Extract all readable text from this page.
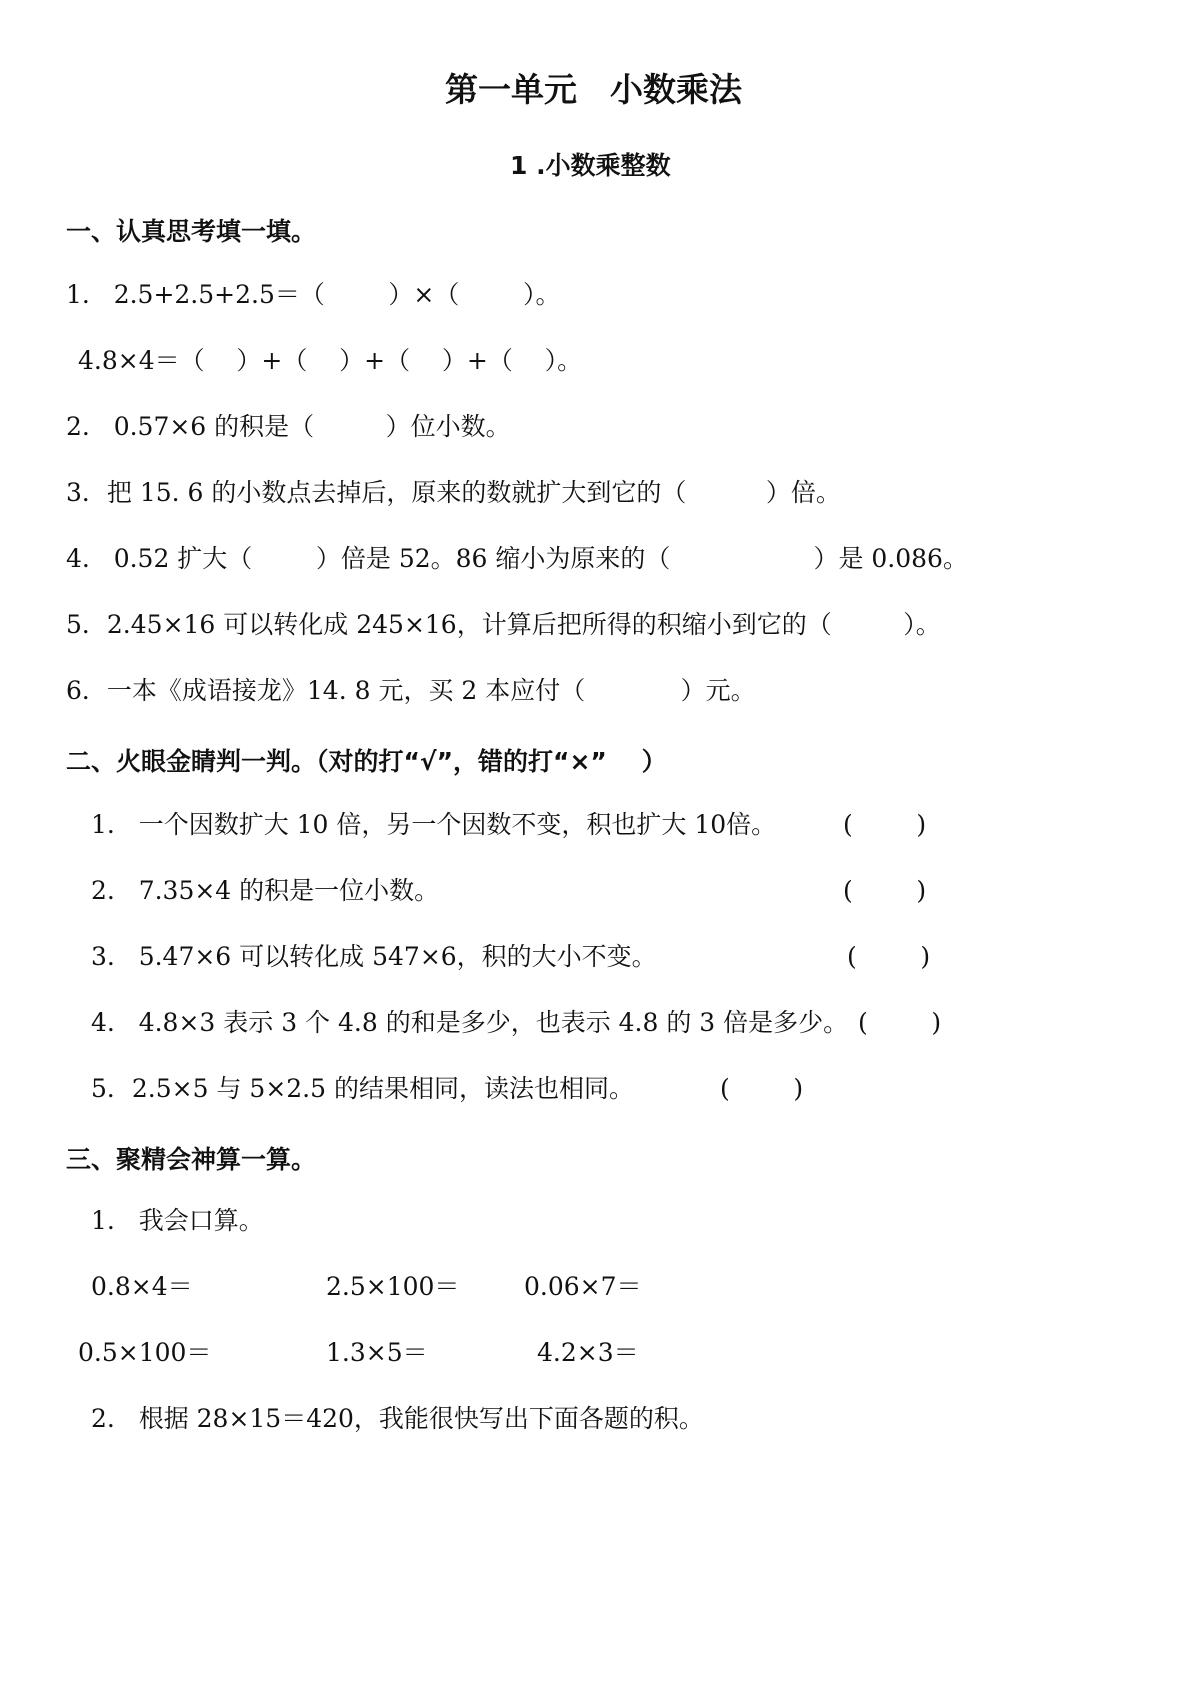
第一单元　小数乘法
1 .小数乘整数
一、认真思考填一填。
1.   2.5+2.5+2.5＝（        ）×（        ）。
4.8×4＝（    ）+（    ）+（    ）+（    ）。
2.   0.57×6 的积是（         ）位小数。
3．把 15. 6 的小数点去掉后，原来的数就扩大到它的（          ）倍。
4.   0.52 扩大（        ）倍是 52。86 缩小为原来的（                  ）是 0.086。
5．2.45×16 可以转化成 245×16，计算后把所得的积缩小到它的（         ）。
6．一本《成语接龙》14. 8 元，买 2 本应付（            ）元。
二、火眼金睛判一判。（对的打“√”，错的打“×”    ）
1.   一个因数扩大 10 倍，另一个因数不变，积也扩大 10倍。	(        )
2.   7.35×4 的积是一位小数。	(        )
3.   5.47×6 可以转化成 547×6，积的大小不变。	(        )
4.   4.8×3 表示 3 个 4.8 的和是多少，也表示 4.8 的 3 倍是多少。 (        )
5．2.5×5 与 5×2.5 的结果相同，读法也相同。	(        )
三、聚精会神算一算。
1.   我会口算。
0.8×4＝	2.5×100＝	0.06×7＝
0.5×100＝	1.3×5＝	4.2×3＝
2.   根据 28×15＝420，我能很快写出下面各题的积。
